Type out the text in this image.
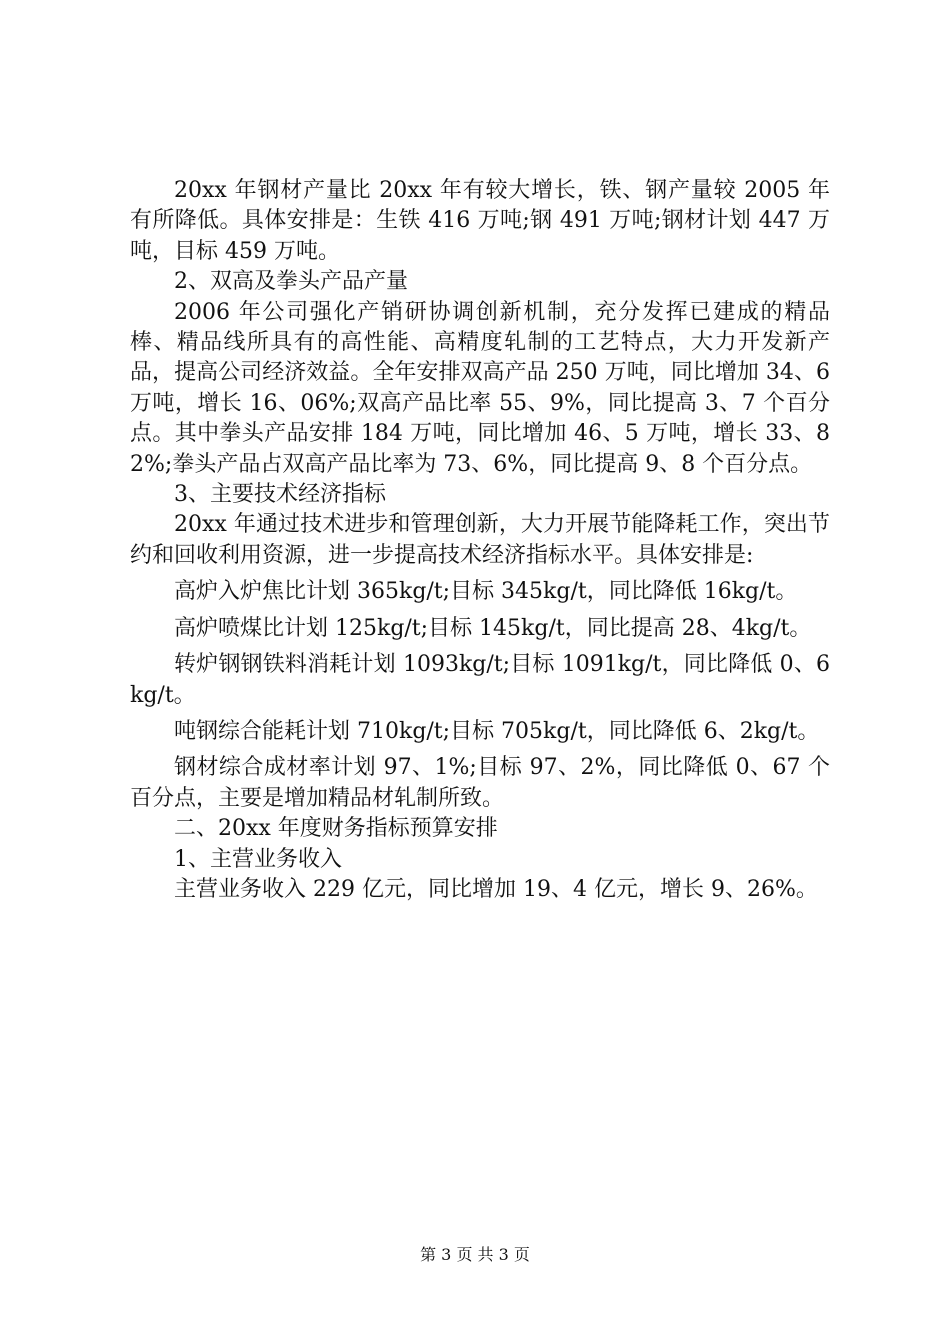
20xx 年钢材产量比 20xx 年有较大增长，铁、钢产量较 2005 年有所降低。具体安排是：生铁 416 万吨;钢 491 万吨;钢材计划 447 万吨，目标 459 万吨。

2、双高及拳头产品产量

2006 年公司强化产销研协调创新机制，充分发挥已建成的精品棒、精品线所具有的高性能、高精度轧制的工艺特点，大力开发新产品，提高公司经济效益。全年安排双高产品 250 万吨，同比增加 34、6 万吨，增长 16、06%;双高产品比率 55、9%，同比提高 3、7 个百分点。其中拳头产品安排 184 万吨，同比增加 46、5 万吨，增长 33、82%;拳头产品占双高产品比率为 73、6%，同比提高 9、8 个百分点。

3、主要技术经济指标

20xx 年通过技术进步和管理创新，大力开展节能降耗工作，突出节约和回收利用资源，进一步提高技术经济指标水平。具体安排是:

高炉入炉焦比计划 365kg/t;目标 345kg/t，同比降低 16kg/t。

高炉喷煤比计划 125kg/t;目标 145kg/t，同比提高 28、4kg/t。

转炉钢钢铁料消耗计划 1093kg/t;目标 1091kg/t，同比降低 0、6kg/t。

吨钢综合能耗计划 710kg/t;目标 705kg/t，同比降低 6、2kg/t。

钢材综合成材率计划 97、1%;目标 97、2%，同比降低 0、67 个百分点，主要是增加精品材轧制所致。

二、20xx 年度财务指标预算安排

1、主营业务收入

主营业务收入 229 亿元，同比增加 19、4 亿元，增长 9、26%。

第 3 页 共 3 页
